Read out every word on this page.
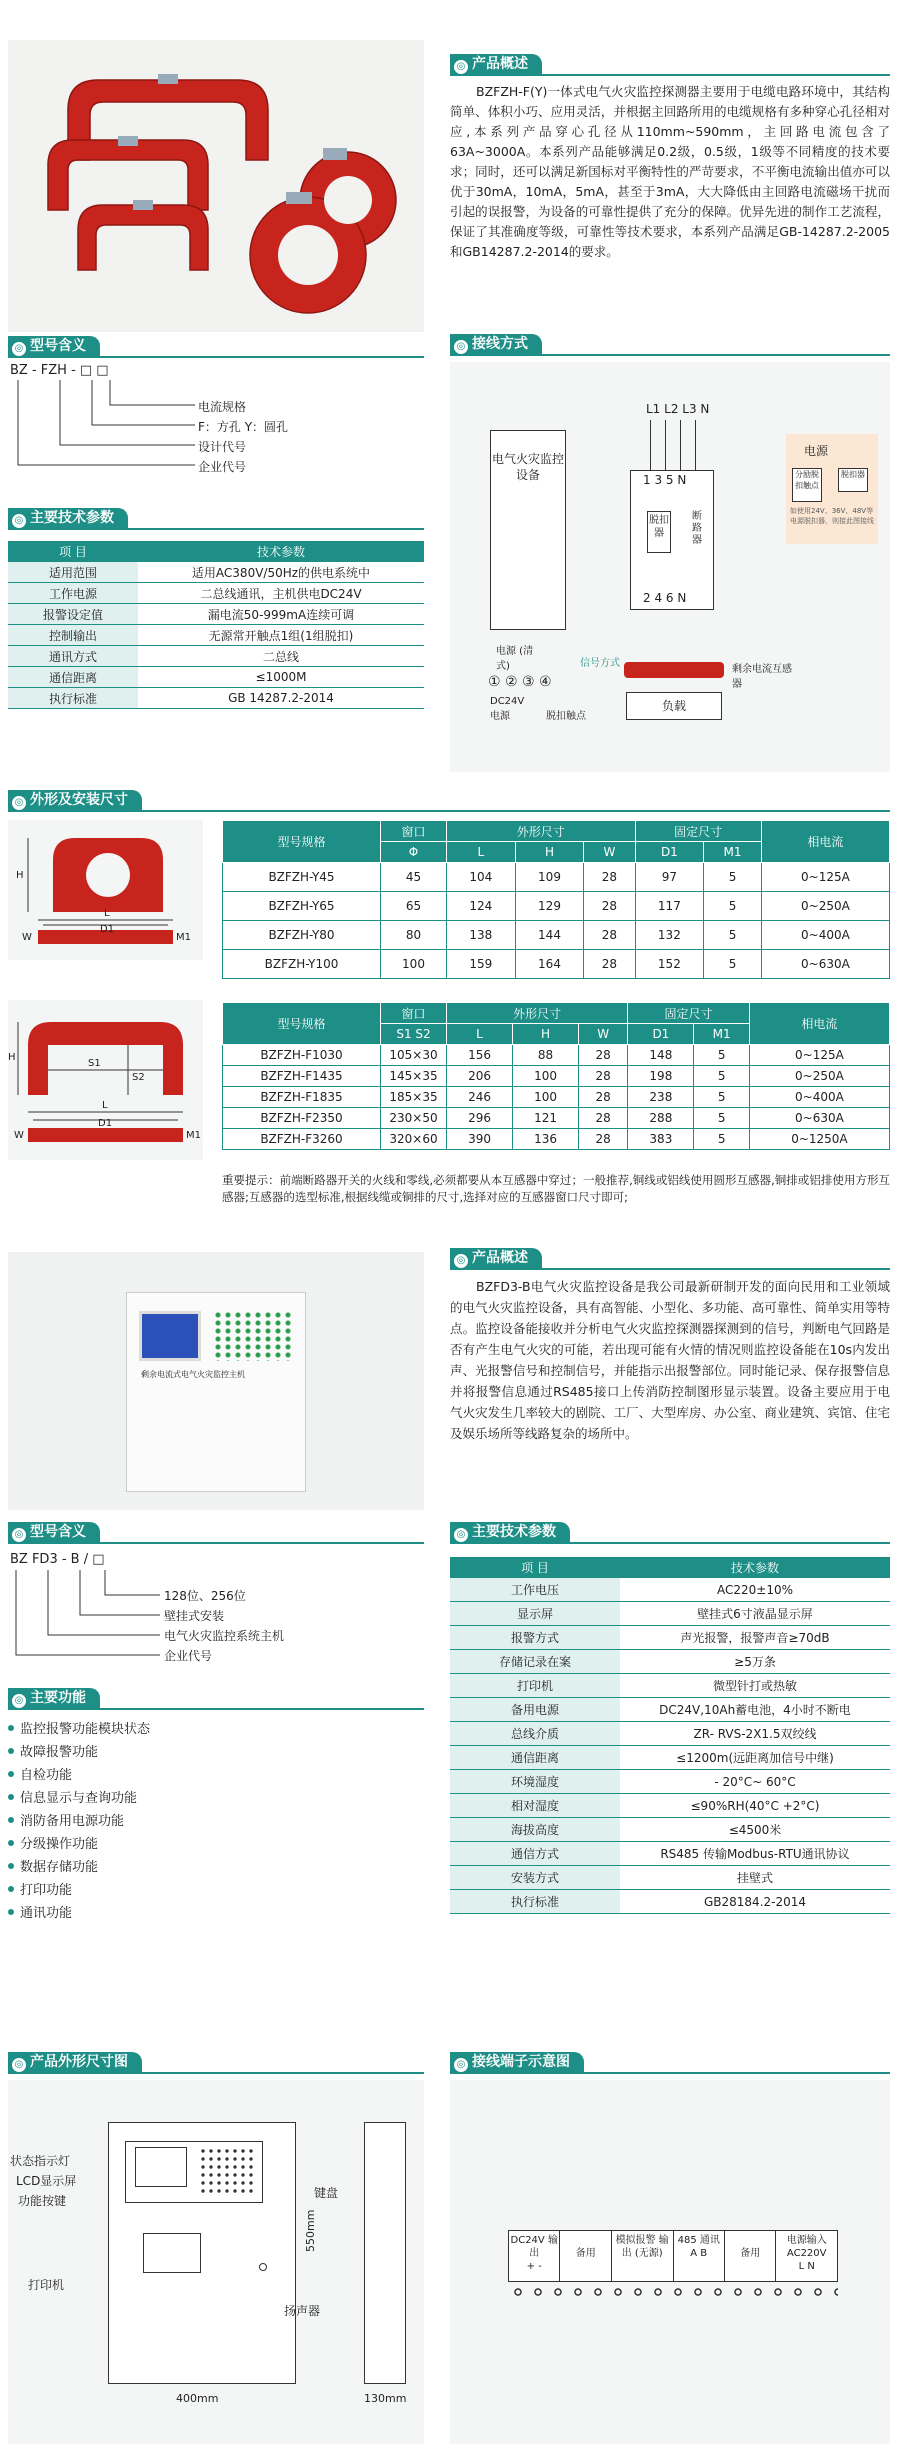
◎ 产品概述
BZFZH-F(Y)一体式电气火灾监控探测器主要用于电缆电路环境中，其结构简单、体积小巧、应用灵活，并根据主回路所用的电缆规格有多种穿心孔径相对应,本系列产品穿心孔径从110mm~590mm，主回路电流包含了63A~3000A。本系列产品能够满足0.2级，0.5级，1级等不同精度的技术要求；同时，还可以满足新国标对平衡特性的严苛要求，不平衡电流输出值亦可以优于30mA，10mA，5mA，甚至于3mA，大大降低由主回路电流磁场干扰而引起的误报警，为设备的可靠性提供了充分的保障。优异先进的制作工艺流程，保证了其准确度等级，可靠性等技术要求，本系列产品满足GB-14287.2-2005和GB14287.2-2014的要求。
◎ 型号含义
BZ - FZH - □ □
电流规格
F：方孔 Y：圆孔
设计代号
企业代号
◎ 主要技术参数
项 目	技术参数
适用范围	适用AC380V/50Hz的供电系统中
工作电源	二总线通讯，主机供电DC24V
报警设定值	漏电流50-999mA连续可调
控制输出	无源常开触点1组(1组脱扣)
通讯方式	二总线
通信距离	≤1000M
执行标准	GB 14287.2-2014
◎ 接线方式
L1 L2 L3 N
电气火灾监控设备	1 3 5 N
脱扣器
断路器
2 4 6 N
电源 (清式)
① ② ③ ④
DC24V 电源	脱扣触点
信号方式
剩余电流互感器
负载
电源
分励脱扣触点
脱扣器
如使用24V、36V、48V等电源脱扣器，则接此图接线
◎ 外形及安装尺寸
H
L
D1
W	M1
型号规格	窗口	外形尺寸			固定尺寸		相电流
	Φ	L	H	W	D1	M1	
BZFZH-Y45	45	104	109	28	97	5	0~125A
BZFZH-Y65	65	124	129	28	117	5	0~250A
BZFZH-Y80	80	138	144	28	132	5	0~400A
BZFZH-Y100	100	159	164	28	152	5	0~630A
H
S1
S2
L
D1
W	M1
型号规格	窗口	外形尺寸			固定尺寸		相电流
	S1 S2	L	H	W	D1	M1	
BZFZH-F1030	105×30	156	88	28	148	5	0~125A
BZFZH-F1435	145×35	206	100	28	198	5	0~250A
BZFZH-F1835	185×35	246	100	28	238	5	0~400A
BZFZH-F2350	230×50	296	121	28	288	5	0~630A
BZFZH-F3260	320×60	390	136	28	383	5	0~1250A
重要提示：前端断路器开关的火线和零线,必须都要从本互感器中穿过；一般推荐,铜线或铝线使用圆形互感器,铜排或铝排使用方形互感器;互感器的选型标准,根据线缆或铜排的尺寸,选择对应的互感器窗口尺寸即可;
剩余电流式电气火灾监控主机
◎ 产品概述
BZFD3-B电气火灾监控设备是我公司最新研制开发的面向民用和工业领域的电气火灾监控设备，具有高智能、小型化、多功能、高可靠性、简单实用等特点。监控设备能接收并分析电气火灾监控探测器探测到的信号，判断电气回路是否有产生电气火灾的可能，若出现可能有火情的情况则监控设备能在10s内发出声、光报警信号和控制信号，并能指示出报警部位。同时能记录、保存报警信息并将报警信息通过RS485接口上传消防控制图形显示装置。设备主要应用于电气火灾发生几率较大的剧院、工厂、大型库房、办公室、商业建筑、宾馆、住宅及娱乐场所等线路复杂的场所中。
◎ 型号含义
BZ FD3 - B / □
128位、256位
壁挂式安装
电气火灾监控系统主机
企业代号
◎ 主要功能
监控报警功能模块状态
故障报警功能
自检功能
信息显示与查询功能
消防备用电源功能
分级操作功能
数据存储功能
打印功能
通讯功能
◎ 主要技术参数
项 目	技术参数
工作电压	AC220±10%
显示屏	壁挂式6寸液晶显示屏
报警方式	声光报警，报警声音≥70dB
存储记录在案	≥5万条
打印机	微型针打或热敏
备用电源	DC24V,10Ah蓄电池，4小时不断电
总线介质	ZR- RVS-2X1.5双绞线
通信距离	≤1200m(远距离加信号中继)
环境湿度	- 20°C~ 60°C
相对湿度	≤90%RH(40°C +2°C)
海拔高度	≤4500米
通信方式	RS485 传输Modbus-RTU通讯协议
安装方式	挂壁式
执行标准	GB28184.2-2014
◎ 产品外形尺寸图
状态指示灯
LCD显示屏
功能按键
打印机
键盘
扬声器
550mm
400mm	130mm
◎ 接线端子示意图
DC24V 输出
+ -
备用
模拟报警 输出 (无源)
485 通讯
A B	备用
电源输入 AC220V
L N
